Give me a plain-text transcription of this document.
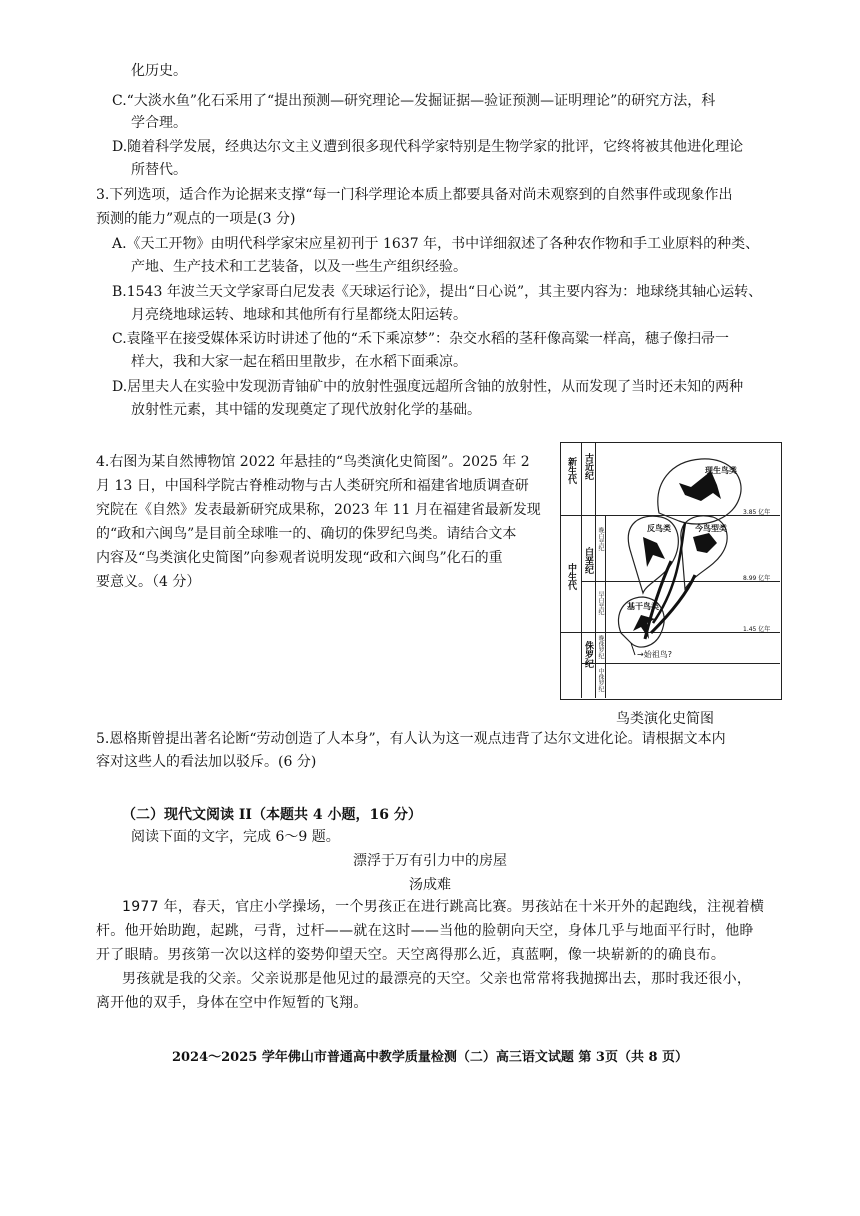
化历史。
C.“大淡水鱼”化石采用了“提出预测—研究理论—发掘证据—验证预测—证明理论”的研究方法，科
学合理。
D.随着科学发展，经典达尔文主义遭到很多现代科学家特别是生物学家的批评，它终将被其他进化理论
所替代。
3.下列选项，适合作为论据来支撑“每一门科学理论本质上都要具备对尚未观察到的自然事件或现象作出
预测的能力”观点的一项是(3 分)
A.《天工开物》由明代科学家宋应星初刊于 1637 年，书中详细叙述了各种农作物和手工业原料的种类、
产地、生产技术和工艺装备，以及一些生产组织经验。
B.1543 年波兰天文学家哥白尼发表《天球运行论》，提出“日心说”，其主要内容为：地球绕其轴心运转、
月亮绕地球运转、地球和其他所有行星都绕太阳运转。
C.袁隆平在接受媒体采访时讲述了他的“禾下乘凉梦”：杂交水稻的茎秆像高粱一样高，穗子像扫帚一
样大，我和大家一起在稻田里散步，在水稻下面乘凉。
D.居里夫人在实验中发现沥青铀矿中的放射性强度远超所含铀的放射性，从而发现了当时还未知的两种
放射性元素，其中镭的发现奠定了现代放射化学的基础。
4.右图为某自然博物馆 2022 年悬挂的“鸟类演化史简图”。2025 年 2
月 13 日，中国科学院古脊椎动物与古人类研究所和福建省地质调查研
究院在《自然》发表最新研究成果称，2023 年 11 月在福建省最新发现
的“政和六闽鸟”是目前全球唯一的、确切的侏罗纪鸟类。请结合文本
内容及“鸟类演化史简图”向参观者说明发现“政和六闽鸟”化石的重
要意义。（4 分）
新生代
中生代
古近纪
白垩纪
侏罗纪
晚白垩纪
早白垩纪
晚侏罗纪
中侏罗纪
现生鸟类
反鸟类	今鸟型类
基干鸟类
→始祖鸟?
3.85 亿年
8.99 亿年
1.45 亿年
鸟类演化史简图
5.恩格斯曾提出著名论断“劳动创造了人本身”，有人认为这一观点违背了达尔文进化论。请根据文本内
容对这些人的看法加以驳斥。(6 分)
（二）现代文阅读 II（本题共 4 小题，16 分）
阅读下面的文字，完成 6～9 题。
漂浮于万有引力中的房屋
汤成难
1977 年，春天，官庄小学操场，一个男孩正在进行跳高比赛。男孩站在十米开外的起跑线，注视着横
杆。他开始助跑，起跳，弓背，过杆——就在这时——当他的脸朝向天空，身体几乎与地面平行时，他睁
开了眼睛。男孩第一次以这样的姿势仰望天空。天空离得那么近，真蓝啊，像一块崭新的的确良布。
男孩就是我的父亲。父亲说那是他见过的最漂亮的天空。父亲也常常将我抛掷出去，那时我还很小，
离开他的双手，身体在空中作短暂的飞翔。
2024～2025 学年佛山市普通高中教学质量检测（二）高三语文试题 第 3页（共 8 页）
